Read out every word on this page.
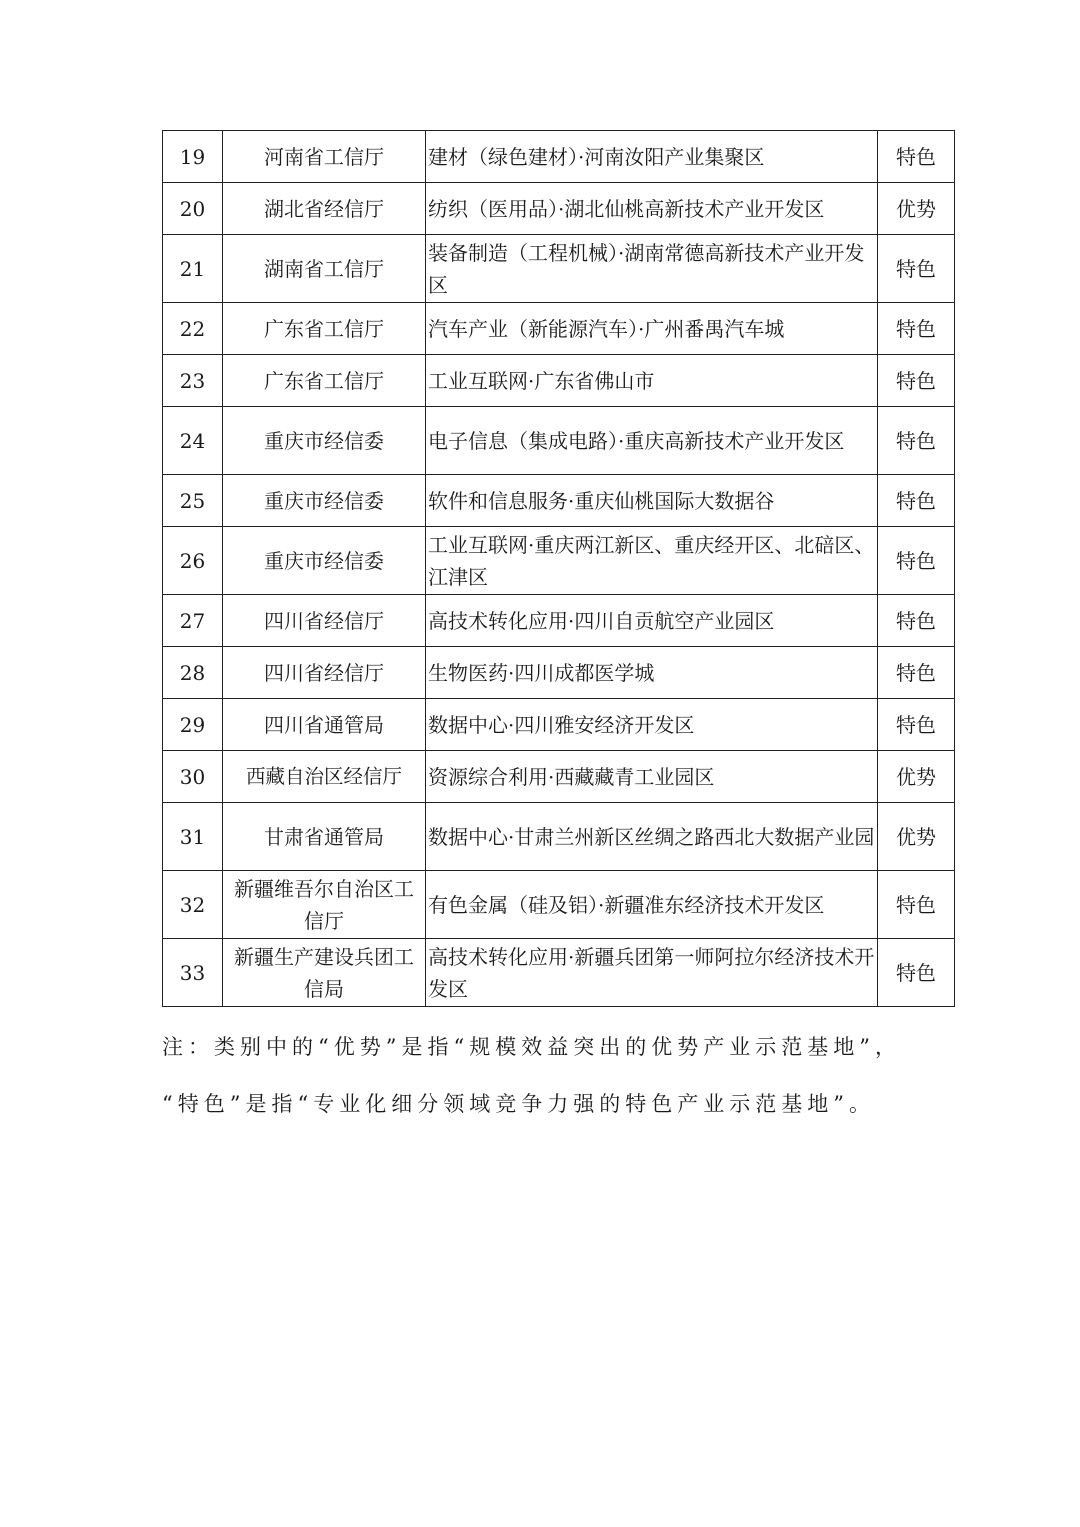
19	河南省工信厅	建材（绿色建材）·河南汝阳产业集聚区	特色
20	湖北省经信厅	纺织（医用品）·湖北仙桃高新技术产业开发区	优势
21	湖南省工信厅	装备制造（工程机械）·湖南常德高新技术产业开发区	特色
22	广东省工信厅	汽车产业（新能源汽车）·广州番禺汽车城	特色
23	广东省工信厅	工业互联网·广东省佛山市	特色
24	重庆市经信委	电子信息（集成电路）·重庆高新技术产业开发区	特色
25	重庆市经信委	软件和信息服务·重庆仙桃国际大数据谷	特色
26	重庆市经信委	工业互联网·重庆两江新区、重庆经开区、北碚区、江津区	特色
27	四川省经信厅	高技术转化应用·四川自贡航空产业园区	特色
28	四川省经信厅	生物医药·四川成都医学城	特色
29	四川省通管局	数据中心·四川雅安经济开发区	特色
30	西藏自治区经信厅	资源综合利用·西藏藏青工业园区	优势
31	甘肃省通管局	数据中心·甘肃兰州新区丝绸之路西北大数据产业园	优势
32	新疆维吾尔自治区工信厅	有色金属（硅及铝）·新疆准东经济技术开发区	特色
33	新疆生产建设兵团工信局	高技术转化应用·新疆兵团第一师阿拉尔经济技术开发区	特色
注：类别中的“优势”是指“规模效益突出的优势产业示范基地”，
“特色”是指“专业化细分领域竞争力强的特色产业示范基地”。
